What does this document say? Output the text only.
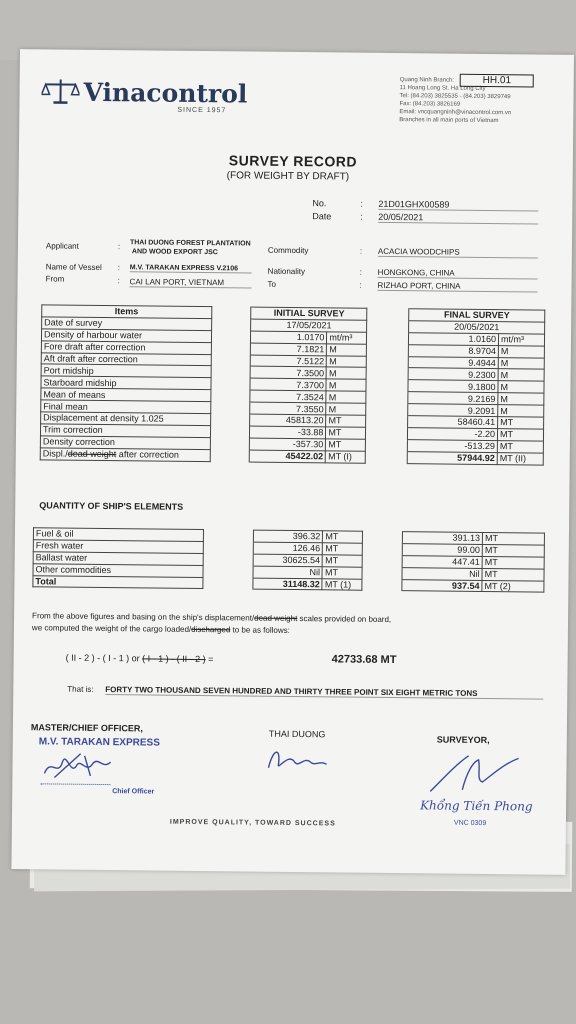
Vinacontrol
SINCE 1957
Quang Ninh Branch:
11 Hoang Long St. Ha Long City
Tel: (84.203) 3825535 - (84.203) 3829749
Fax: (84.203) 3826169
Email: vncquangninh@vinacontrol.com.vn
Branches in all main ports of Vietnam
HH.01
SURVEY RECORD
(FOR WEIGHT BY DRAFT)
No.	: 21D01GHX00589
Date	: 20/05/2021
Applicant	: THAI DUONG FOREST PLANTATION
AND WOOD EXPORT JSC	Commodity	: ACACIA WOODCHIPS
Name of Vessel : M.V. TARAKAN EXPRESS V.2106	Nationality	: HONGKONG, CHINA
From	: CAI LAN PORT, VIETNAM	To	: RIZHAO PORT, CHINA
Items		INITIAL SURVEY			FINAL SURVEY	
Date of survey		17/05/2021			20/05/2021	
Density of harbour water		1.0170	mt/m³		1.0160	mt/m³
Fore draft after correction		7.1821	M		8.9704	M
Aft draft after correction		7.5122	M		9.4944	M
Port midship		7.3500	M		9.2300	M
Starboard midship		7.3700	M		9.1800	M
Mean of means		7.3524	M		9.2169	M
Final mean		7.3550	M		9.2091	M
Displacement at density 1.025		45813.20	MT		58460.41	MT
Trim correction		-33.88	MT		-2.20	MT
Density correction		-357.30	MT		-513.29	MT
Displ./dead weight after correction		45422.02	MT (I)		57944.92	MT (II)
QUANTITY OF SHIP'S ELEMENTS
Fuel & oil		396.32	MT		391.13	MT
Fresh water		126.46	MT		99.00	MT
Ballast water		30625.54	MT		447.41	MT
Other commodities		Nil	MT		Nil	MT
Total		31148.32	MT (1)		937.54	MT (2)
From the above figures and basing on the ship's displacement/dead weight scales provided on board,
we computed the weight of the cargo loaded/discharged to be as follows:
( II - 2 ) - ( I - 1 ) or ( I - 1 ) - ( II - 2 ) =	42733.68 MT
That is: FORTY TWO THOUSAND SEVEN HUNDRED AND THIRTY THREE POINT SIX EIGHT METRIC TONS
MASTER/CHIEF OFFICER,
M.V. TARAKAN EXPRESS
Chief Officer
THAI DUONG
SURVEYOR,
Khổng Tiến Phong
VNC 0309
IMPROVE QUALITY, TOWARD SUCCESS
